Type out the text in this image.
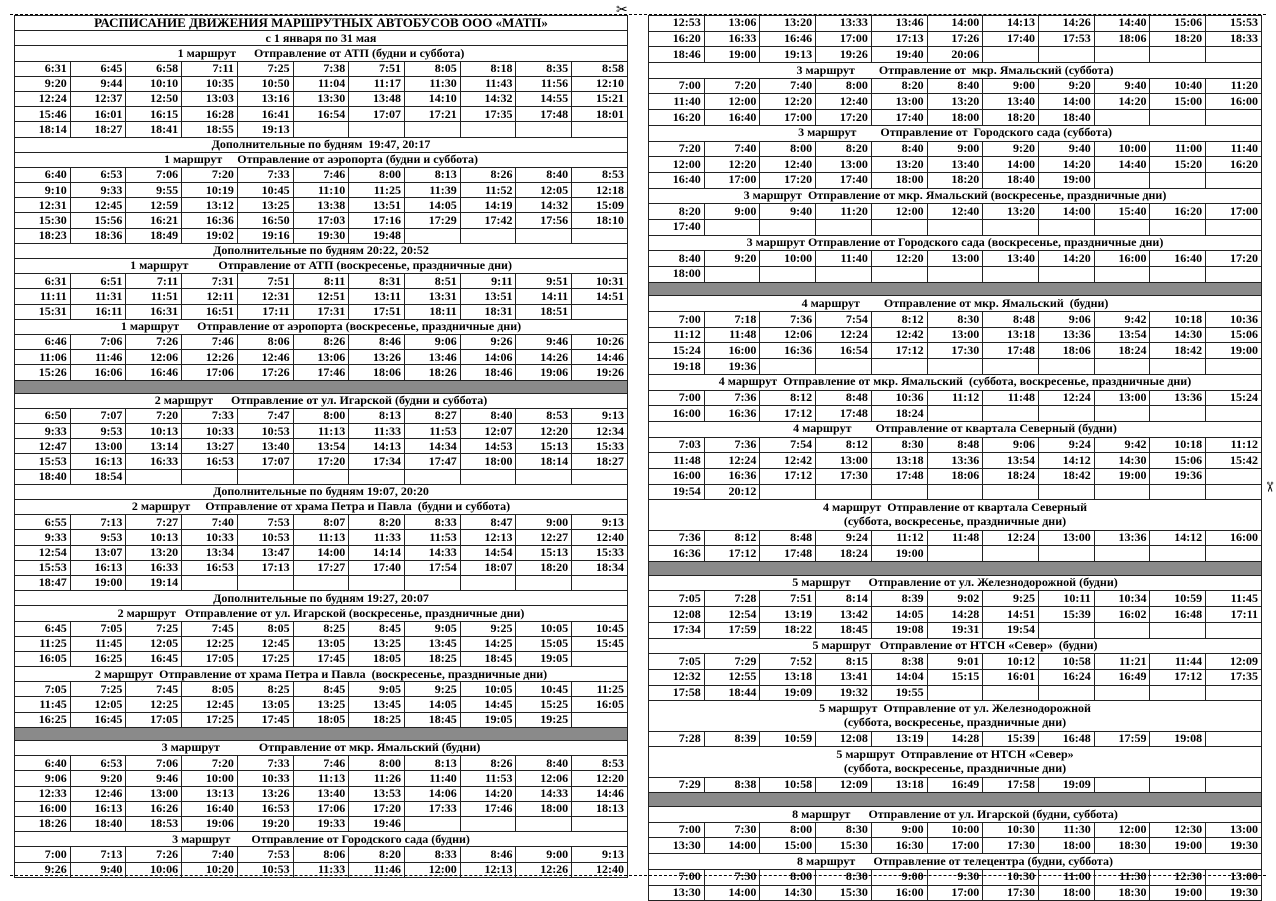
РАСПИСАНИЕ ДВИЖЕНИЯ МАРШРУТНЫХ АВТОБУСОВ ООО «МАТП»										

с 1 января по 31 мая										

1 маршрут      Отправление от АТП (будни и суббота)										

6:31	6:45	6:58	7:11	7:25	7:38	7:51	8:05	8:18	8:35	8:58
9:20	9:44	10:10	10:35	10:50	11:04	11:17	11:30	11:43	11:56	12:10
12:24	12:37	12:50	13:03	13:16	13:30	13:48	14:10	14:32	14:55	15:21
15:46	16:01	16:15	16:28	16:41	16:54	17:07	17:21	17:35	17:48	18:01
18:14	18:27	18:41	18:55	19:13						

Дополнительные по будням  19:47, 20:17										

1 маршрут     Отправление от аэропорта (будни и суббота)										

6:40	6:53	7:06	7:20	7:33	7:46	8:00	8:13	8:26	8:40	8:53
9:10	9:33	9:55	10:19	10:45	11:10	11:25	11:39	11:52	12:05	12:18
12:31	12:45	12:59	13:12	13:25	13:38	13:51	14:05	14:19	14:32	15:09
15:30	15:56	16:21	16:36	16:50	17:03	17:16	17:29	17:42	17:56	18:10
18:23	18:36	18:49	19:02	19:16	19:30	19:48				

Дополнительные по будням 20:22, 20:52										

1 маршрут          Отправление от АТП (воскресенье, праздничные дни)										

6:31	6:51	7:11	7:31	7:51	8:11	8:31	8:51	9:11	9:51	10:31
11:11	11:31	11:51	12:11	12:31	12:51	13:11	13:31	13:51	14:11	14:51
15:31	16:11	16:31	16:51	17:11	17:31	17:51	18:11	18:31	18:51	

1 маршрут      Отправление от аэропорта (воскресенье, праздничные дни)										

6:46	7:06	7:26	7:46	8:06	8:26	8:46	9:06	9:26	9:46	10:26
11:06	11:46	12:06	12:26	12:46	13:06	13:26	13:46	14:06	14:26	14:46
15:26	16:06	16:46	17:06	17:26	17:46	18:06	18:26	18:46	19:06	19:26

2 маршрут      Отправление от ул. Игарской (будни и суббота)										

6:50	7:07	7:20	7:33	7:47	8:00	8:13	8:27	8:40	8:53	9:13
9:33	9:53	10:13	10:33	10:53	11:13	11:33	11:53	12:07	12:20	12:34
12:47	13:00	13:14	13:27	13:40	13:54	14:13	14:34	14:53	15:13	15:33
15:53	16:13	16:33	16:53	17:07	17:20	17:34	17:47	18:00	18:14	18:27
18:40	18:54									

Дополнительные по будням 19:07, 20:20										

2 маршрут     Отправление от храма Петра и Павла  (будни и суббота)										

6:55	7:13	7:27	7:40	7:53	8:07	8:20	8:33	8:47	9:00	9:13
9:33	9:53	10:13	10:33	10:53	11:13	11:33	11:53	12:13	12:27	12:40
12:54	13:07	13:20	13:34	13:47	14:00	14:14	14:33	14:54	15:13	15:33
15:53	16:13	16:33	16:53	17:13	17:27	17:40	17:54	18:07	18:20	18:34
18:47	19:00	19:14								

Дополнительные по будням 19:27, 20:07										

2 маршрут   Отправление от ул. Игарской (воскресенье, праздничные дни)										

6:45	7:05	7:25	7:45	8:05	8:25	8:45	9:05	9:25	10:05	10:45
11:25	11:45	12:05	12:25	12:45	13:05	13:25	13:45	14:25	15:05	15:45
16:05	16:25	16:45	17:05	17:25	17:45	18:05	18:25	18:45	19:05	

2 маршрут  Отправление от храма Петра и Павла  (воскресенье, праздничные дни)										

7:05	7:25	7:45	8:05	8:25	8:45	9:05	9:25	10:05	10:45	11:25
11:45	12:05	12:25	12:45	13:05	13:25	13:45	14:05	14:45	15:25	16:05
16:25	16:45	17:05	17:25	17:45	18:05	18:25	18:45	19:05	19:25	

3 маршрут             Отправление от мкр. Ямальский (будни)										

6:40	6:53	7:06	7:20	7:33	7:46	8:00	8:13	8:26	8:40	8:53
9:06	9:20	9:46	10:00	10:33	11:13	11:26	11:40	11:53	12:06	12:20
12:33	12:46	13:00	13:13	13:26	13:40	13:53	14:06	14:20	14:33	14:46
16:00	16:13	16:26	16:40	16:53	17:06	17:20	17:33	17:46	18:00	18:13
18:26	18:40	18:53	19:06	19:20	19:33	19:46				

3 маршрут       Отправление от Городского сада (будни)										

7:00	7:13	7:26	7:40	7:53	8:06	8:20	8:33	8:46	9:00	9:13
9:26	9:40	10:06	10:20	10:53	11:33	11:46	12:00	12:13	12:26	12:40
12:53	13:06	13:20	13:33	13:46	14:00	14:13	14:26	14:40	15:06	15:53
16:20	16:33	16:46	17:00	17:13	17:26	17:40	17:53	18:06	18:20	18:33
18:46	19:00	19:13	19:26	19:40	20:06					

3 маршрут        Отправление от  мкр. Ямальский (суббота)										

7:00	7:20	7:40	8:00	8:20	8:40	9:00	9:20	9:40	10:40	11:20
11:40	12:00	12:20	12:40	13:00	13:20	13:40	14:00	14:20	15:00	16:00
16:20	16:40	17:00	17:20	17:40	18:00	18:20	18:40			

3 маршрут        Отправление от  Городского сада (суббота)										

7:20	7:40	8:00	8:20	8:40	9:00	9:20	9:40	10:00	11:00	11:40
12:00	12:20	12:40	13:00	13:20	13:40	14:00	14:20	14:40	15:20	16:20
16:40	17:00	17:20	17:40	18:00	18:20	18:40	19:00			

3 маршрут  Отправление от мкр. Ямальский (воскресенье, праздничные дни)										

8:20	9:00	9:40	11:20	12:00	12:40	13:20	14:00	15:40	16:20	17:00
17:40										

3 маршрут Отправление от Городского сада (воскресенье, праздничные дни)										

8:40	9:20	10:00	11:40	12:20	13:00	13:40	14:20	16:00	16:40	17:20
18:00										

4 маршрут        Отправление от мкр. Ямальский  (будни)										

7:00	7:18	7:36	7:54	8:12	8:30	8:48	9:06	9:42	10:18	10:36
11:12	11:48	12:06	12:24	12:42	13:00	13:18	13:36	13:54	14:30	15:06
15:24	16:00	16:36	16:54	17:12	17:30	17:48	18:06	18:24	18:42	19:00
19:18	19:36									

4 маршрут  Отправление от мкр. Ямальский  (суббота, воскресенье, праздничные дни)										

7:00	7:36	8:12	8:48	10:36	11:12	11:48	12:24	13:00	13:36	15:24
16:00	16:36	17:12	17:48	18:24						

4 маршрут        Отправление от квартала Северный (будни)										

7:03	7:36	7:54	8:12	8:30	8:48	9:06	9:24	9:42	10:18	11:12
11:48	12:24	12:42	13:00	13:18	13:36	13:54	14:12	14:30	15:06	15:42
16:00	16:36	17:12	17:30	17:48	18:06	18:24	18:42	19:00	19:36	
19:54	20:12									

4 маршрут  Отправление от квартала Северный
(суббота, воскресенье, праздничные дни)										

7:36	8:12	8:48	9:24	11:12	11:48	12:24	13:00	13:36	14:12	16:00
16:36	17:12	17:48	18:24	19:00						

5 маршрут      Отправление от ул. Железнодорожной (будни)										

7:05	7:28	7:51	8:14	8:39	9:02	9:25	10:11	10:34	10:59	11:45
12:08	12:54	13:19	13:42	14:05	14:28	14:51	15:39	16:02	16:48	17:11
17:34	17:59	18:22	18:45	19:08	19:31	19:54				

5 маршрут   Отправление от НТСН «Север»  (будни)										

7:05	7:29	7:52	8:15	8:38	9:01	10:12	10:58	11:21	11:44	12:09
12:32	12:55	13:18	13:41	14:04	15:15	16:01	16:24	16:49	17:12	17:35
17:58	18:44	19:09	19:32	19:55						

5 маршрут  Отправление от ул. Железнодорожной
(суббота, воскресенье, праздничные дни)										

7:28	8:39	10:59	12:08	13:19	14:28	15:39	16:48	17:59	19:08	

5 маршрут  Отправление от НТСН «Север»
(суббота, воскресенье, праздничные дни)										

7:29	8:38	10:58	12:09	13:18	16:49	17:58	19:09			

8 маршрут      Отправление от ул. Игарской (будни, суббота)										

7:00	7:30	8:00	8:30	9:00	10:00	10:30	11:30	12:00	12:30	13:00
13:30	14:00	15:00	15:30	16:30	17:00	17:30	18:00	18:30	19:00	19:30

8 маршрут      Отправление от телецентра (будни, суббота)										

7:00	7:30	8:00	8:30	9:00	9:30	10:30	11:00	11:30	12:30	13:00
13:30	14:00	14:30	15:30	16:00	17:00	17:30	18:00	18:30	19:00	19:30
✂
✂
